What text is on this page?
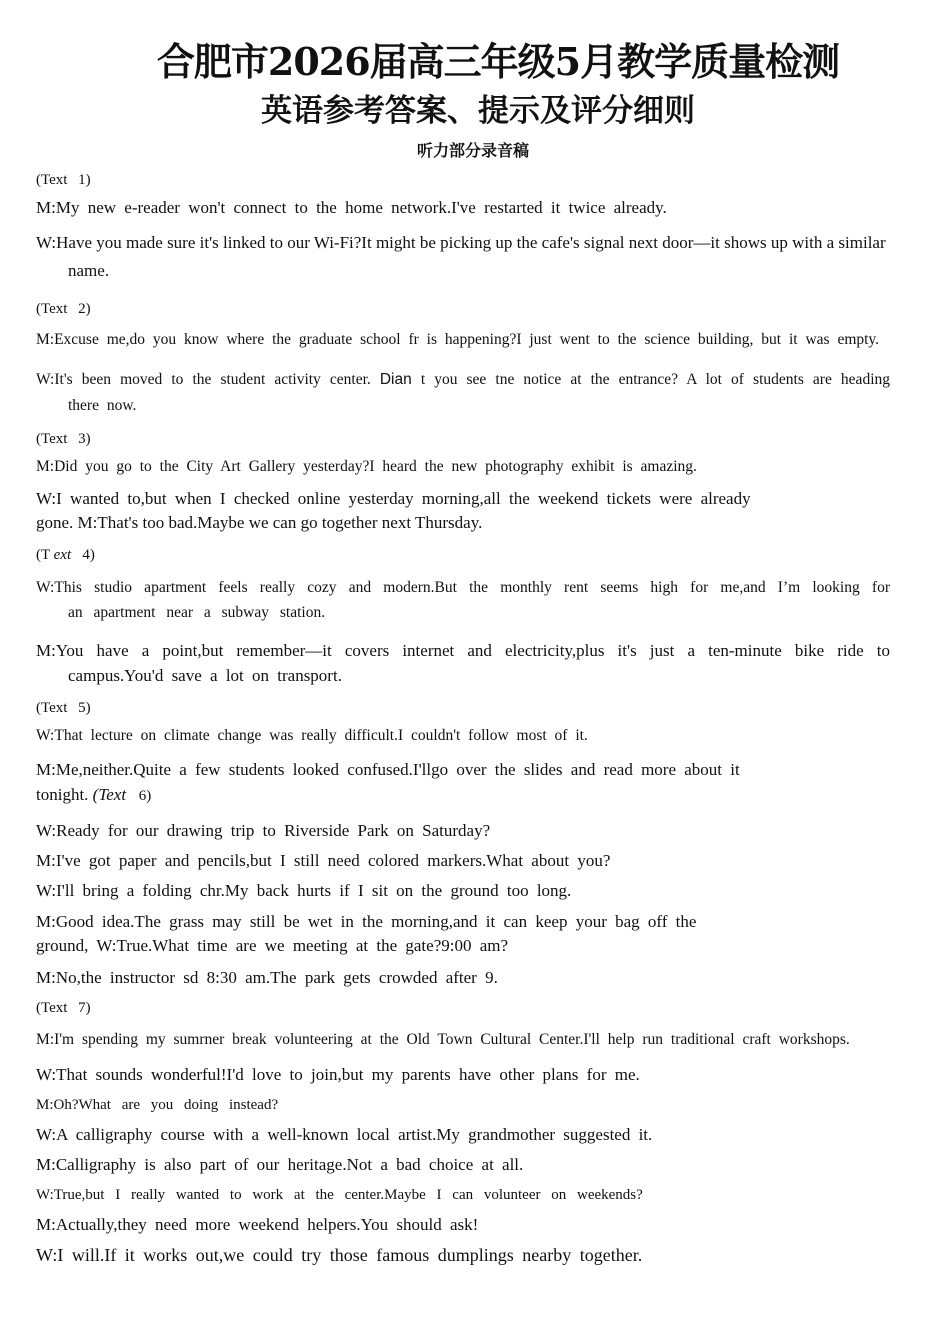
合肥市2026届高三年级5月教学质量检测
英语参考答案、提示及评分细则
听力部分录音稿
(Text 1)
M:My new e-reader won't connect to the home network.I've restarted it twice already.
W:Have you made sure it's linked to our Wi-Fi?It might be picking up the cafe's signal next door—it shows up with a similar name.
(Text 2)
M:Excuse me,do you know where the graduate school fr is happening?I just went to the science building, but it was empty.
W:It's been moved to the student activity center. Dian t you see tne notice at the entrance? A lot of students are heading there now.
(Text 3)
M:Did you go to the City Art Gallery yesterday?I heard the new photography exhibit is amazing.
W:I wanted to,but when I checked online yesterday morning,all the weekend tickets were already
gone. M:That's too bad.Maybe we can go together next Thursday.
(T ext 4)
W:This studio apartment feels really cozy and modern.But the monthly rent seems high for me,and I’m looking for an apartment near a subway station.
M:You have a point,but remember—it covers internet and electricity,plus it's just a ten-minute bike ride to campus.You'd save a lot on transport.
(Text 5)
W:That lecture on climate change was really difficult.I couldn't follow most of it.
M:Me,neither.Quite a few students looked confused.I'llgo over the slides and read more about it
tonight. (Text 6)
W:Ready for our drawing trip to Riverside Park on Saturday?
M:I've got paper and pencils,but I still need colored markers.What about you?
W:I'll bring a folding chr.My back hurts if I sit on the ground too long.
M:Good idea.The grass may still be wet in the morning,and it can keep your bag off the
ground, W:True.What time are we meeting at the gate?9:00 am?
M:No,the instructor sd 8:30 am.The park gets crowded after 9.
(Text 7)
M:I'm spending my sumrner break volunteering at the Old Town Cultural Center.I'll help run traditional craft workshops.
W:That sounds wonderful!I'd love to join,but my parents have other plans for me.
M:Oh?What are you doing instead?
W:A calligraphy course with a well-known local artist.My grandmother suggested it.
M:Calligraphy is also part of our heritage.Not a bad choice at all.
W:True,but I really wanted to work at the center.Maybe I can volunteer on weekends?
M:Actually,they need more weekend helpers.You should ask!
W:I will.If it works out,we could try those famous dumplings nearby together.
